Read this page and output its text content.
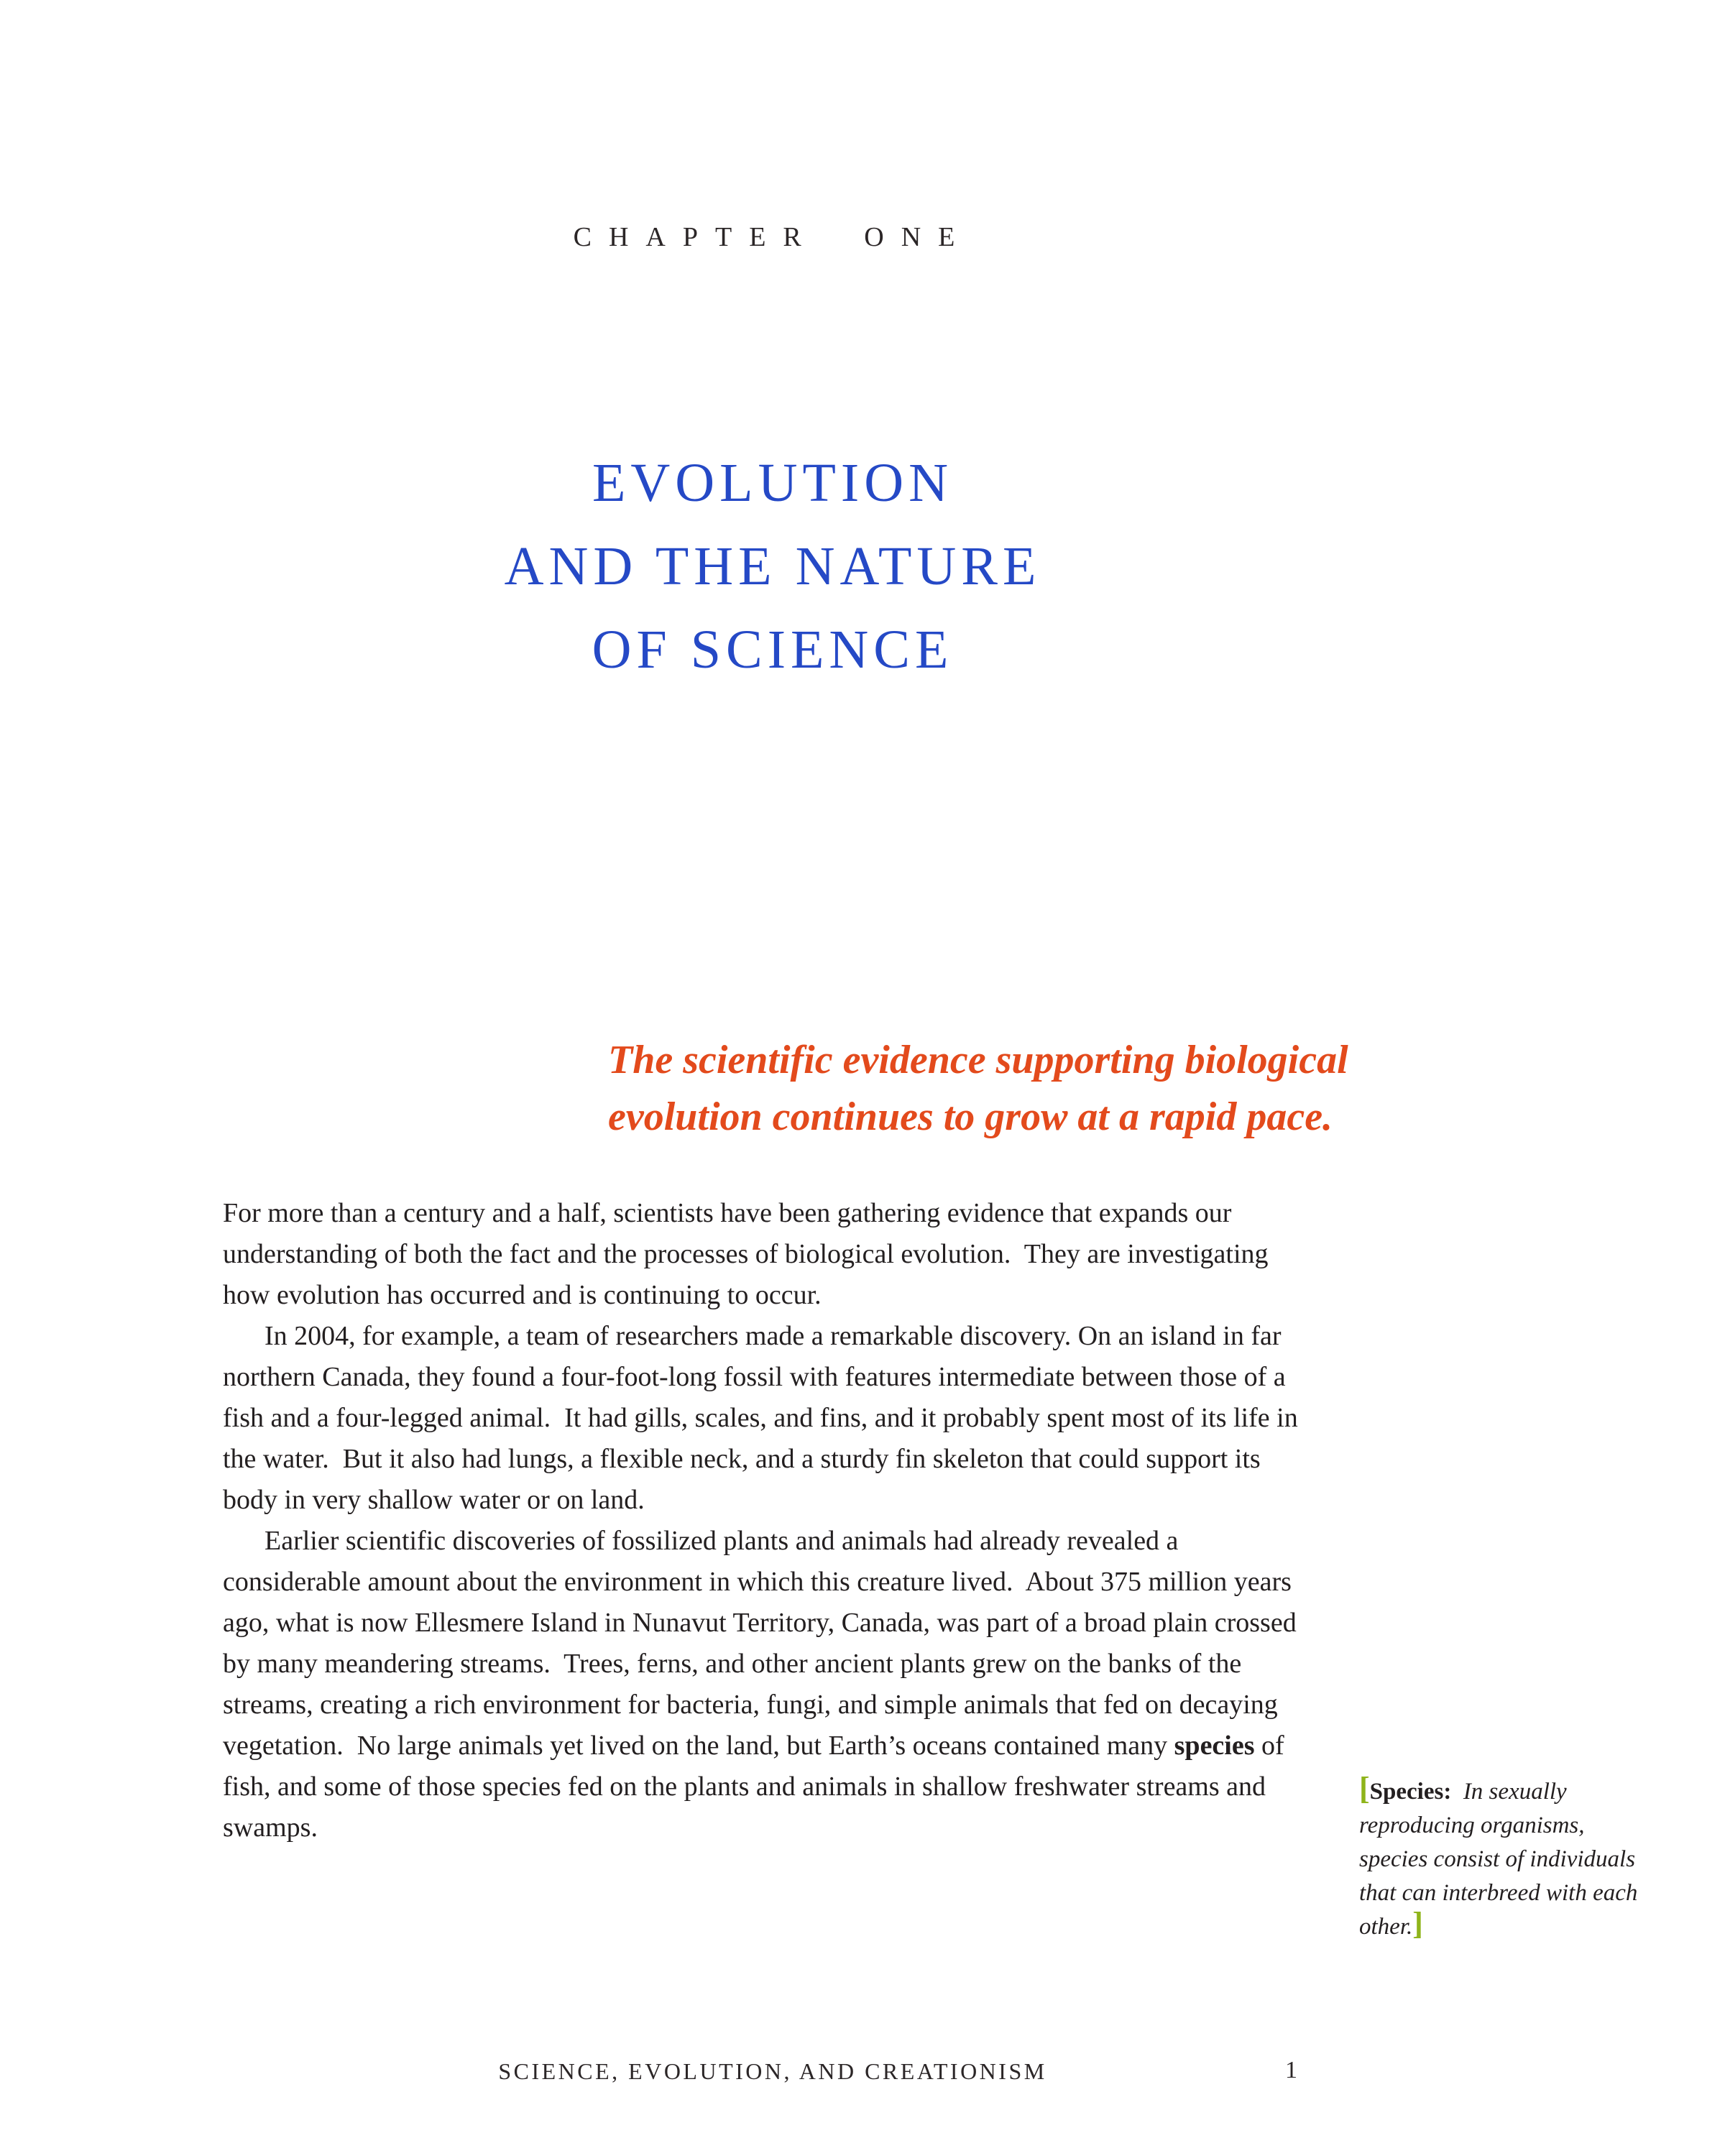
CHAPTER ONE
EVOLUTION
AND THE NATURE
OF SCIENCE
The scientific evidence supporting biological
evolution continues to grow at a rapid pace.

For more than a century and a half, scientists have been gathering evidence that expands our understanding of both the fact and the processes of biological evolution.  They are investigating how evolution has occurred and is continuing to occur.

In 2004, for example, a team of researchers made a remarkable discovery. On an island in far northern Canada, they found a four-foot-long fossil with features intermediate between those of a fish and a four-legged animal.  It had gills, scales, and fins, and it probably spent most of its life in the water.  But it also had lungs, a flexible neck, and a sturdy fin skeleton that could support its body in very shallow water or on land.

Earlier scientific discoveries of fossilized plants and animals had already revealed a considerable amount about the environment in which this creature lived.  About 375 million years ago, what is now Ellesmere Island in Nunavut Territory, Canada, was part of a broad plain crossed by many meandering streams.  Trees, ferns, and other ancient plants grew on the banks of the streams, creating a rich environment for bacteria, fungi, and simple animals that fed on decaying vegetation.  No large animals yet lived on the land, but Earth’s oceans contained many species of fish, and some of those species fed on the plants and animals in shallow freshwater streams and swamps.

[Species: In sexually reproducing organisms, species consist of individuals that can interbreed with each other.]
SCIENCE, EVOLUTION, AND CREATIONISM	1
